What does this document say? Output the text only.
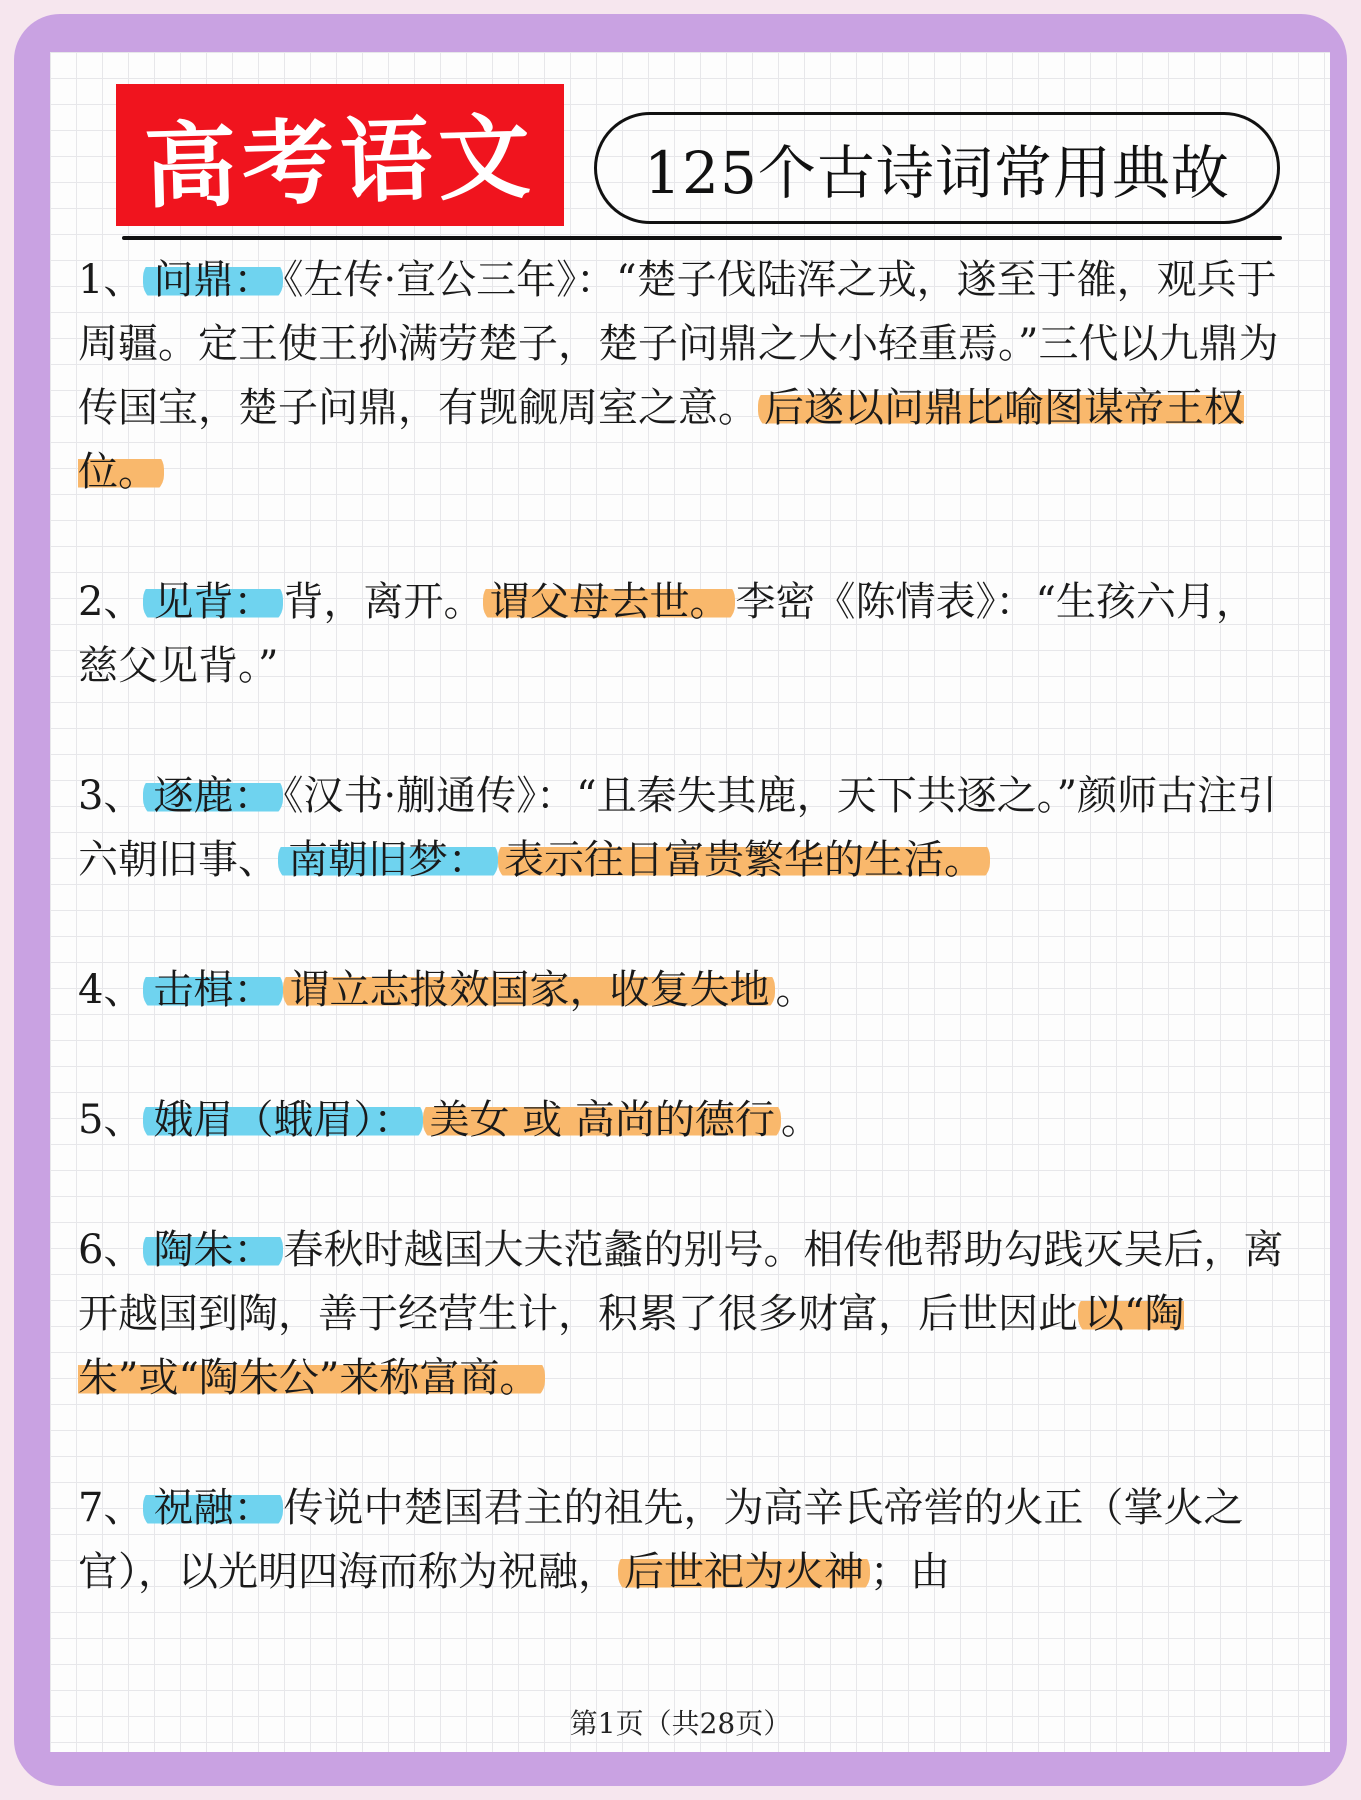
高考语文 125个古诗词常用典故

1、 问鼎： 《左传·宣公三年》：“楚子伐陆浑之戎，遂至于雒，观兵于周疆。定王使王孙满劳楚子，楚子问鼎之大小轻重焉。”三代以九鼎为传国宝，楚子问鼎，有觊觎周室之意。 后遂以问鼎比喻图谋帝王权位。

2、 见背： 背，离开。 谓父母去世。 李密《陈情表》：“生孩六月，慈父见背。”

3、 逐鹿： 《汉书·蒯通传》：“且秦失其鹿，天下共逐之。”颜师古注引六朝旧事、 南朝旧梦： 表示往日富贵繁华的生活。

4、 击楫： 谓立志报效国家，收复失地 。

5、 娥眉（蛾眉）： 美女 或 高尚的德行 。

6、 陶朱： 春秋时越国大夫范蠡的别号。相传他帮助勾践灭吴后，离开越国到陶，善于经营生计，积累了很多财富，后世因此 以“陶朱”或“陶朱公”来称富商。

7、 祝融： 传说中楚国君主的祖先，为高辛氏帝喾的火正（掌火之官），以光明四海而称为祝融， 后世祀为火神 ；由

第1页（共28页）
